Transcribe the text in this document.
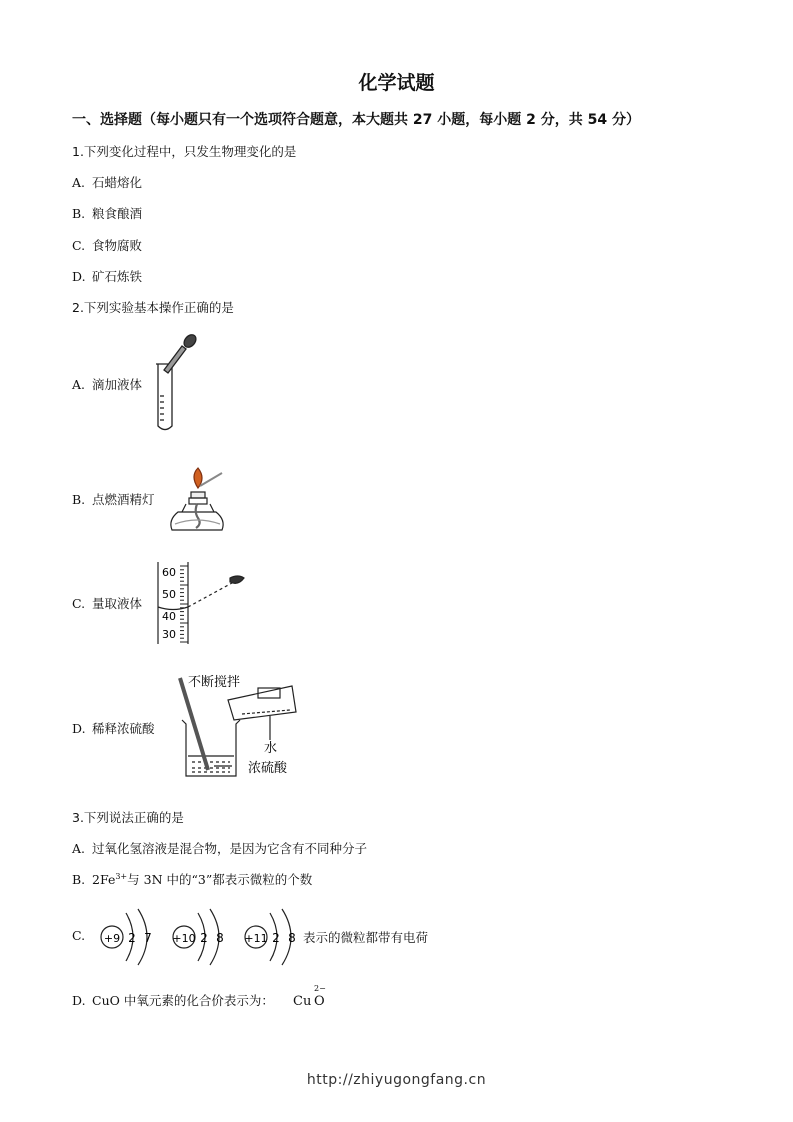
化学试题
一、选择题（每小题只有一个选项符合题意，本大题共 27 小题，每小题 2 分，共 54 分）
1.下列变化过程中，只发生物理变化的是
A. 石蜡熔化
B. 粮食酿酒
C. 食物腐败
D. 矿石炼铁
2.下列实验基本操作正确的是
A. 滴加液体
B. 点燃酒精灯
C. 量取液体
60
50
40
30
D. 稀释浓硫酸
不断搅拌
水
浓硫酸
3.下列说法正确的是
A. 过氧化氢溶液是混合物，是因为它含有不同种分子
B. $2Fe^{3+}$与 3N 中的“3”都表示微粒的个数
C. +9 2 7 +10 2 8 +11 2 8 表示的微粒都带有电荷
D. CuO 中氧元素的化合价表示为：
2−
Cu O
http://zhiyugongfang.cn
